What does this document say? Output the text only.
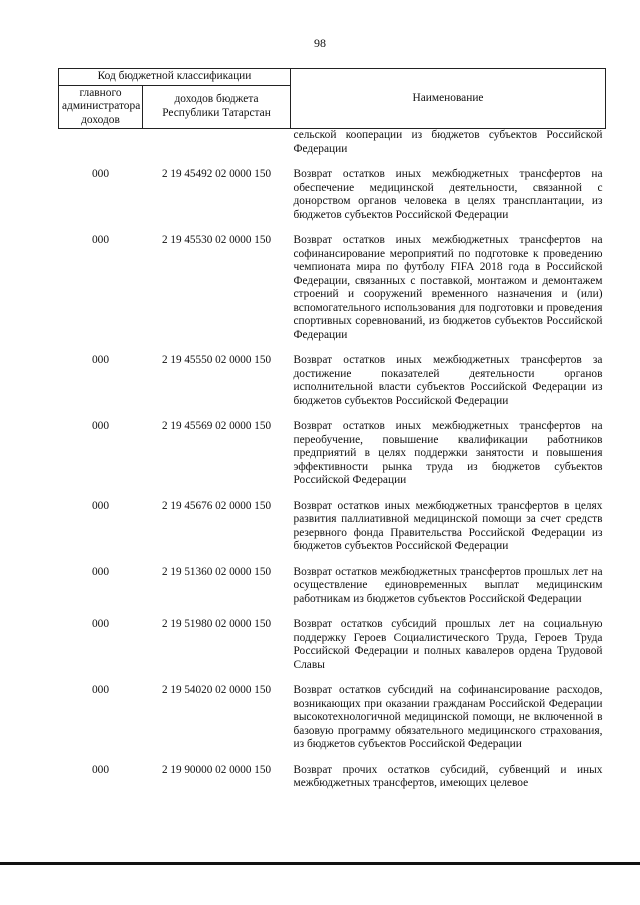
98
Код бюджетной классификации		Наименование
главного администратора доходов	доходов бюджета Республики Татарстан	
		сельской кооперации из бюджетов субъектов Российской Федерации
000	2 19 45492 02 0000 150	Возврат остатков иных межбюджетных трансфертов на обеспечение медицинской деятельности, связанной с донорством органов человека в целях трансплантации, из бюджетов субъектов Российской Федерации
000	2 19 45530 02 0000 150	Возврат остатков иных межбюджетных трансфертов на софинансирование мероприятий по подготовке к проведению чемпионата мира по футболу FIFA 2018 года в Российской Федерации, связанных с поставкой, монтажом и демонтажем строений и сооружений временного назначения и (или) вспомогательного использования для подготовки и проведения спортивных соревнований, из бюджетов субъектов Российской Федерации
000	2 19 45550 02 0000 150	Возврат остатков иных межбюджетных трансфертов за достижение показателей деятельности органов исполнительной власти субъектов Российской Федерации из бюджетов субъектов Российской Федерации
000	2 19 45569 02 0000 150	Возврат остатков иных межбюджетных трансфертов на переобучение, повышение квалификации работников предприятий в целях поддержки занятости и повышения эффективности рынка труда из бюджетов субъектов Российской Федерации
000	2 19 45676 02 0000 150	Возврат остатков иных межбюджетных трансфертов в целях развития паллиативной медицинской помощи за счет средств резервного фонда Правительства Российской Федерации из бюджетов субъектов Российской Федерации
000	2 19 51360 02 0000 150	Возврат остатков межбюджетных трансфертов прошлых лет на осуществление единовременных выплат медицинским работникам из бюджетов субъектов Российской Федерации
000	2 19 51980 02 0000 150	Возврат остатков субсидий прошлых лет на социальную поддержку Героев Социалистического Труда, Героев Труда Российской Федерации и полных кавалеров ордена Трудовой Славы
000	2 19 54020 02 0000 150	Возврат остатков субсидий на софинансирование расходов, возникающих при оказании гражданам Российской Федерации высокотехнологичной медицинской помощи, не включенной в базовую программу обязательного медицинского страхования, из бюджетов субъектов Российской Федерации
000	2 19 90000 02 0000 150	Возврат прочих остатков субсидий, субвенций и иных межбюджетных трансфертов, имеющих целевое
